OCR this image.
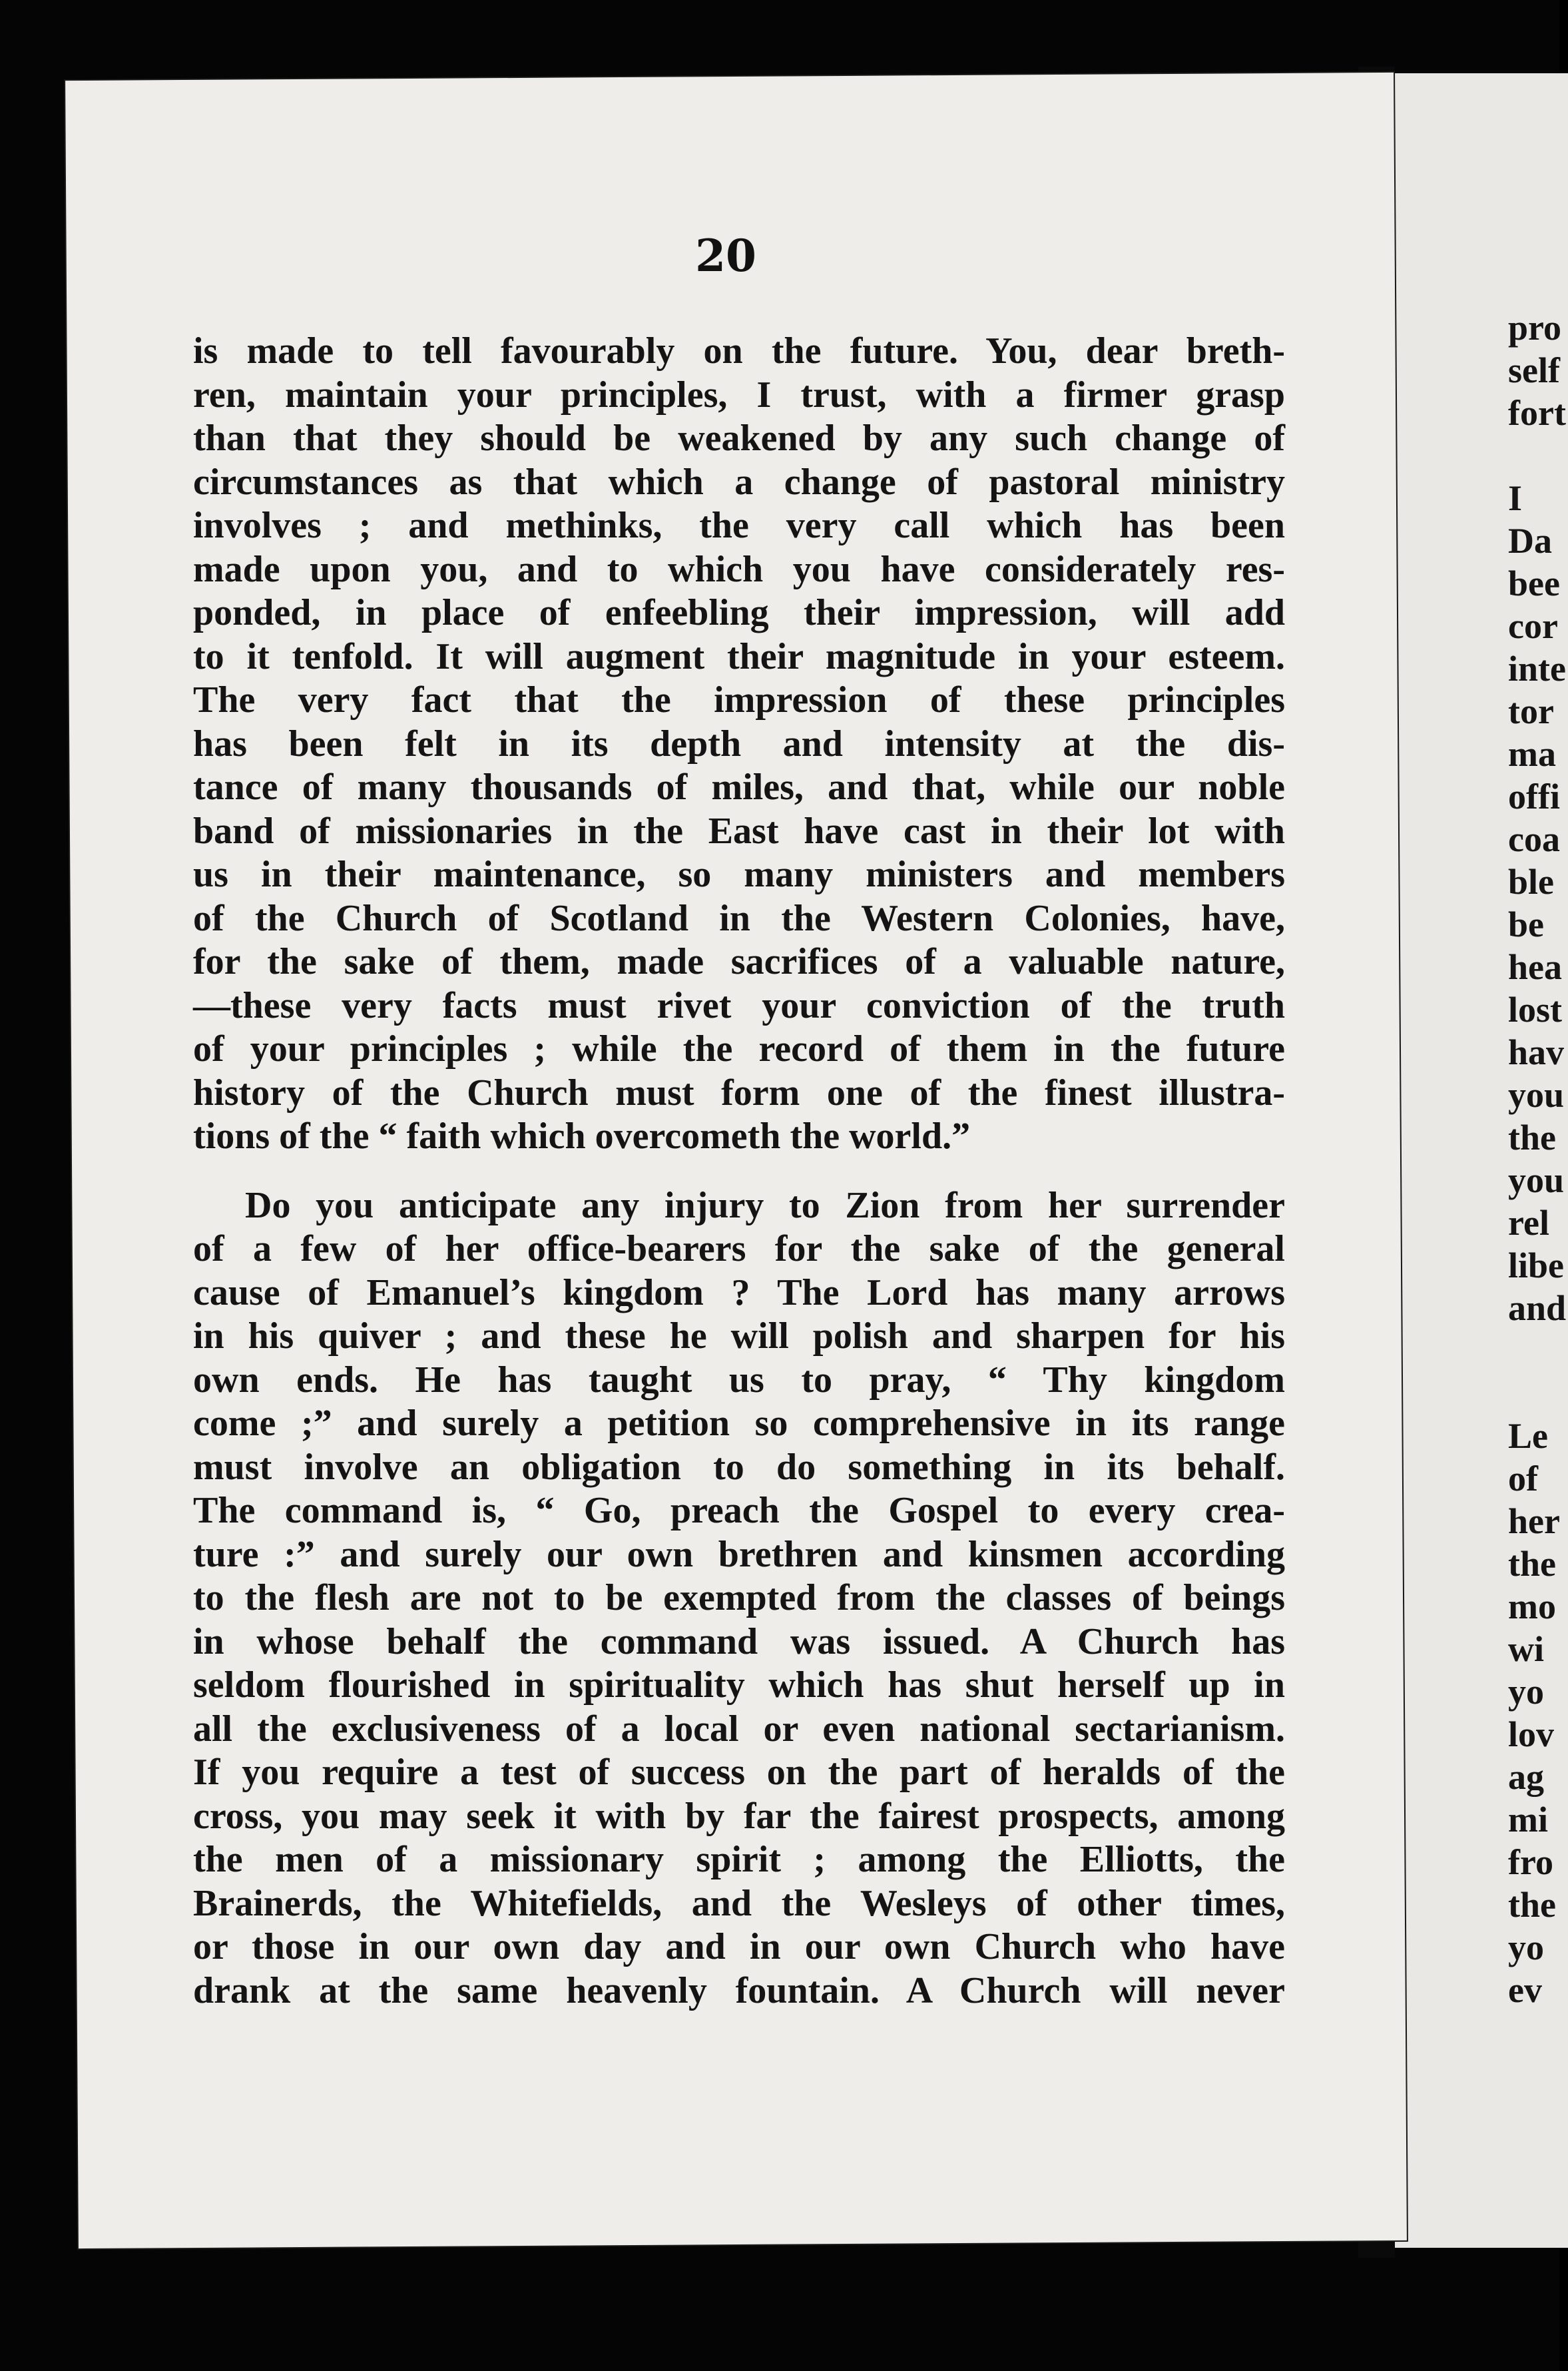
20
is made to tell favourably on the future. You, dear breth-
ren, maintain your principles, I trust, with a firmer grasp
than that they should be weakened by any such change of
circumstances as that which a change of pastoral ministry
involves ; and methinks, the very call which has been
made upon you, and to which you have considerately res-
ponded, in place of enfeebling their impression, will add
to it tenfold. It will augment their magnitude in your esteem.
The very fact that the impression of these principles
has been felt in its depth and intensity at the dis-
tance of many thousands of miles, and that, while our noble
band of missionaries in the East have cast in their lot with
us in their maintenance, so many ministers and members
of the Church of Scotland in the Western Colonies, have,
for the sake of them, made sacrifices of a valuable nature,
—these very facts must rivet your conviction of the truth
of your principles ; while the record of them in the future
history of the Church must form one of the finest illustra-
tions of the “ faith which overcometh the world.”
Do you anticipate any injury to Zion from her surrender
of a few of her office-bearers for the sake of the general
cause of Emanuel’s kingdom ? The Lord has many arrows
in his quiver ; and these he will polish and sharpen for his
own ends. He has taught us to pray, “ Thy kingdom
come ;” and surely a petition so comprehensive in its range
must involve an obligation to do something in its behalf.
The command is, “ Go, preach the Gospel to every crea-
ture :” and surely our own brethren and kinsmen according
to the flesh are not to be exempted from the classes of beings
in whose behalf the command was issued. A Church has
seldom flourished in spirituality which has shut herself up in
all the exclusiveness of a local or even national sectarianism.
If you require a test of success on the part of heralds of the
cross, you may seek it with by far the fairest prospects, among
the men of a missionary spirit ; among the Elliotts, the
Brainerds, the Whitefields, and the Wesleys of other times,
or those in our own day and in our own Church who have
drank at the same heavenly fountain. A Church will never
pro
self
fort
I
Da
bee
cor
inte
tor
ma
offi
coa
ble
be
hea
lost
hav
you
the
you
rel
libe
and
Le
of
her
the
mo
wi
yo
lov
ag
mi
fro
the
yo
ev
